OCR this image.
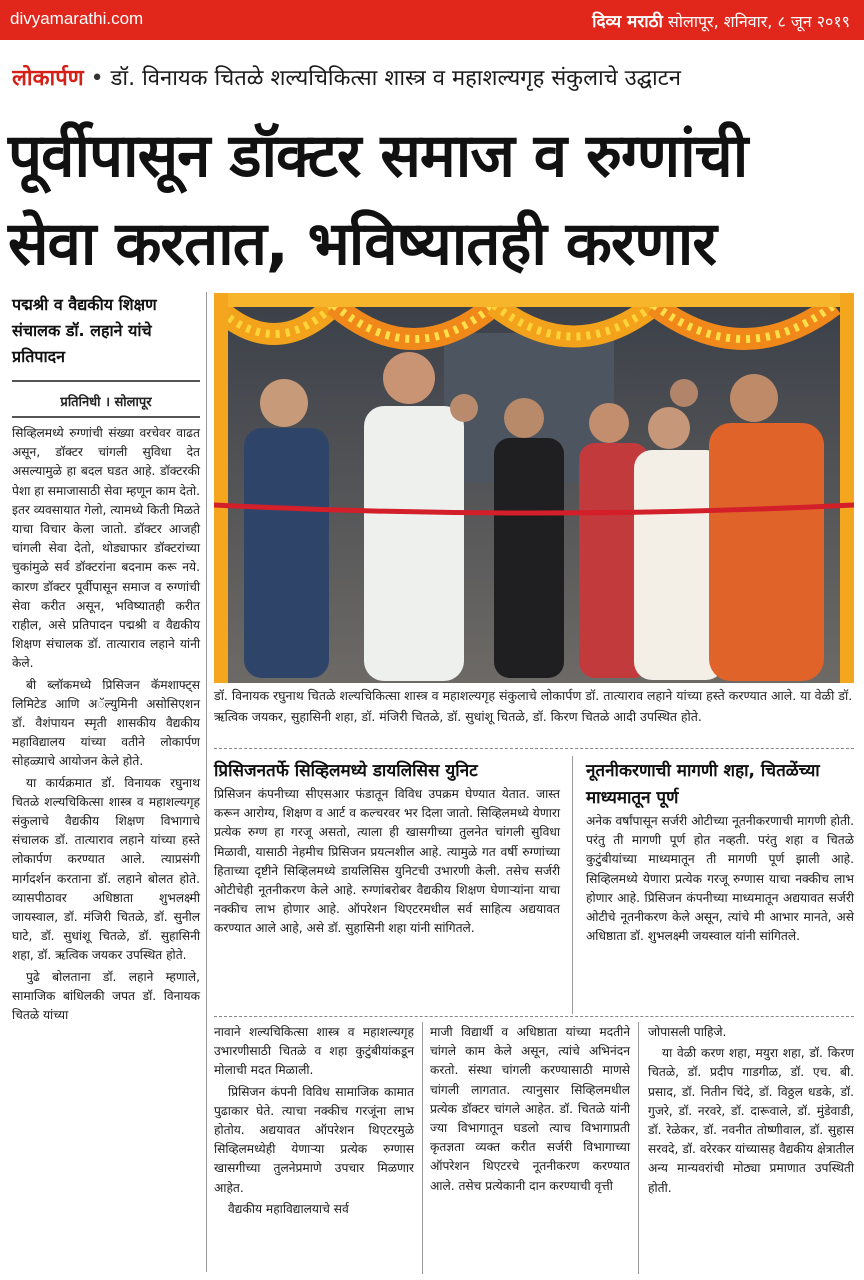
divyamarathi.com	दिव्य मराठी सोलापूर, शनिवार, ८ जून २०१९
लोकार्पण • डॉ. विनायक चितळे शल्यचिकित्सा शास्त्र व महाशल्यगृह संकुलाचे उद्घाटन
पूर्वीपासून डॉक्टर समाज व रुग्णांची
सेवा करतात, भविष्यातही करणार
पद्मश्री व वैद्यकीय शिक्षण संचालक डॉ. लहाने यांचे प्रतिपादन
प्रतिनिधी । सोलापूर

सिव्हिलमध्ये रुग्णांची संख्या वरचेवर वाढत असून, डॉक्टर चांगली सुविधा देत असल्यामुळे हा बदल घडत आहे. डॉक्टरकी पेशा हा समाजासाठी सेवा म्हणून काम देतो. इतर व्यवसायात गेलो, त्यामध्ये किती मिळते याचा विचार केला जातो. डॉक्टर आजही चांगली सेवा देतो, थोड्याफार डॉक्टरांच्या चुकांमुळे सर्व डॉक्टरांना बदनाम करू नये. कारण डॉक्टर पूर्वीपासून समाज व रुग्णांची सेवा करीत असून, भविष्यातही करीत राहील, असे प्रतिपादन पद्मश्री व वैद्यकीय शिक्षण संचालक डॉ. तात्याराव लहाने यांनी केले.

बी ब्लॉकमध्ये प्रिसिजन कॅमशाफ्ट्स लिमिटेड आणि अॅल्युमिनी असोसिएशन डॉ. वैशंपायन स्मृती शासकीय वैद्यकीय महाविद्यालय यांच्या वतीने लोकार्पण सोहळ्याचे आयोजन केले होते.

या कार्यक्रमात डॉ. विनायक रघुनाथ चितळे शल्यचिकित्सा शास्त्र व महाशल्यगृह संकुलाचे वैद्यकीय शिक्षण विभागाचे संचालक डॉ. तात्याराव लहाने यांच्या हस्ते लोकार्पण करण्यात आले. त्याप्रसंगी मार्गदर्शन करताना डॉ. लहाने बोलत होते. व्यासपीठावर अधिष्ठाता शुभलक्ष्मी जायस्वाल, डॉ. मंजिरी चितळे, डॉ. सुनील घाटे, डॉ. सुधांशू चितळे, डॉ. सुहासिनी शहा, डॉ. ऋत्विक जयकर उपस्थित होते.

पुढे बोलताना डॉ. लहाने म्हणाले, सामाजिक बांधिलकी जपत डॉ. विनायक चितळे यांच्या

डॉ. विनायक रघुनाथ चितळे शल्यचिकित्सा शास्त्र व महाशल्यगृह संकुलाचे लोकार्पण डॉ. तात्याराव लहाने यांच्या हस्ते करण्यात आले. या वेळी डॉ. ऋत्विक जयकर, सुहासिनी शहा, डॉ. मंजिरी चितळे, डॉ. सुधांशू चितळे, डॉ. किरण चितळे आदी उपस्थित होते.
प्रिसिजनतर्फे सिव्हिलमध्ये डायलिसिस युनिट

प्रिसिजन कंपनीच्या सीएसआर फंडातून विविध उपक्रम घेण्यात येतात. जास्त करून आरोग्य, शिक्षण व आर्ट व कल्चरवर भर दिला जातो. सिव्हिलमध्ये येणारा प्रत्येक रुग्ण हा गरजू असतो, त्याला ही खासगीच्या तुलनेत चांगली सुविधा मिळावी, यासाठी नेहमीच प्रिसिजन प्रयत्नशील आहे. त्यामुळे गत वर्षी रुग्णांच्या हिताच्या दृष्टीने सिव्हिलमध्ये डायलिसिस युनिटची उभारणी केली. तसेच सर्जरी ओटीचेही नूतनीकरण केले आहे. रुग्णांबरोबर वैद्यकीय शिक्षण घेणाऱ्यांना याचा नक्कीच लाभ होणार आहे. ऑपरेशन थिएटरमधील सर्व साहित्य अद्ययावत करण्यात आले आहे, असे डॉ. सुहासिनी शहा यांनी सांगितले.

नूतनीकरणाची मागणी शहा, चितळेंच्या माध्यमातून पूर्ण

अनेक वर्षांपासून सर्जरी ओटीच्या नूतनीकरणाची मागणी होती. परंतु ती मागणी पूर्ण होत नव्हती. परंतु शहा व चितळे कुटुंबीयांच्या माध्यमातून ती मागणी पूर्ण झाली आहे. सिव्हिलमध्ये येणारा प्रत्येक गरजू रुग्णास याचा नक्कीच लाभ होणार आहे. प्रिसिजन कंपनीच्या माध्यमातून अद्ययावत सर्जरी ओटीचे नूतनीकरण केले असून, त्यांचे मी आभार मानते, असे अधिष्ठाता डॉ. शुभलक्ष्मी जयस्वाल यांनी सांगितले.

नावाने शल्यचिकित्सा शास्त्र व महाशल्यगृह उभारणीसाठी चितळे व शहा कुटुंबीयांकडून मोलाची मदत मिळाली.

प्रिसिजन कंपनी विविध सामाजिक कामात पुढाकार घेते. त्याचा नक्कीच गरजूंना लाभ होतोय. अद्ययावत ऑपरेशन थिएटरमुळे सिव्हिलमध्येही येणाऱ्या प्रत्येक रुग्णास खासगीच्या तुलनेप्रमाणे उपचार मिळणार आहेत.

वैद्यकीय महाविद्यालयाचे सर्व

माजी विद्यार्थी व अधिष्ठाता यांच्या मदतीने चांगले काम केले असून, त्यांचे अभिनंदन करतो. संस्था चांगली करण्यासाठी माणसे चांगली लागतात. त्यानुसार सिव्हिलमधील प्रत्येक डॉक्टर चांगले आहेत. डॉ. चितळे यांनी ज्या विभागातून घडलो त्याच विभागाप्रती कृतज्ञता व्यक्त करीत सर्जरी विभागाच्या ऑपरेशन थिएटरचे नूतनीकरण करण्यात आले. तसेच प्रत्येकानी दान करण्याची वृत्ती

जोपासली पाहिजे.

या वेळी करण शहा, मयुरा शहा, डॉ. किरण चितळे, डॉ. प्रदीप गाडगीळ, डॉ. एच. बी. प्रसाद, डॉ. नितीन चिंदे, डॉ. विठ्ठल धडके, डॉ. गुजरे, डॉ. नरवरे, डॉ. दारूवाले, डॉ. मुंडेवाडी, डॉ. रेळेकर, डॉ. नवनीत तोष्णीवाल, डॉ. सुहास सरवदे, डॉ. वरेरकर यांच्यासह वैद्यकीय क्षेत्रातील अन्य मान्यवरांची मोठ्या प्रमाणात उपस्थिती होती.
